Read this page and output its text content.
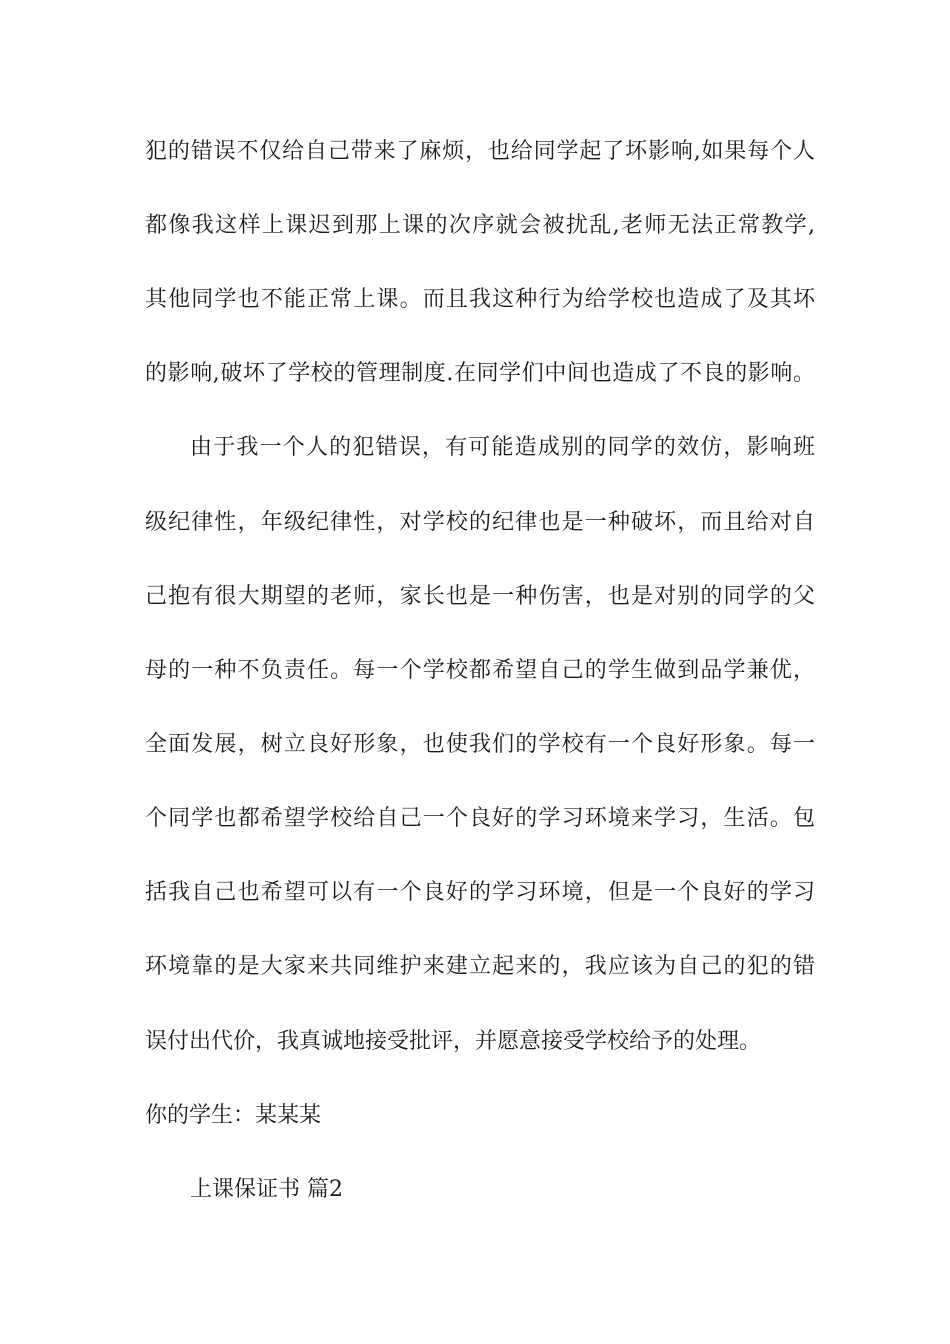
犯的错误不仅给自己带来了麻烦，也给同学起了坏影响,如果每个人
都像我这样上课迟到那上课的次序就会被扰乱,老师无法正常教学,
其他同学也不能正常上课。而且我这种行为给学校也造成了及其坏
的影响,破坏了学校的管理制度.在同学们中间也造成了不良的影响。
由于我一个人的犯错误，有可能造成别的同学的效仿，影响班
级纪律性，年级纪律性，对学校的纪律也是一种破坏，而且给对自
己抱有很大期望的老师，家长也是一种伤害，也是对别的同学的父
母的一种不负责任。每一个学校都希望自己的学生做到品学兼优，
全面发展，树立良好形象，也使我们的学校有一个良好形象。每一
个同学也都希望学校给自己一个良好的学习环境来学习，生活。包
括我自己也希望可以有一个良好的学习环境，但是一个良好的学习
环境靠的是大家来共同维护来建立起来的，我应该为自己的犯的错
误付出代价，我真诚地接受批评，并愿意接受学校给予的处理。
你的学生：某某某
上课保证书 篇2
